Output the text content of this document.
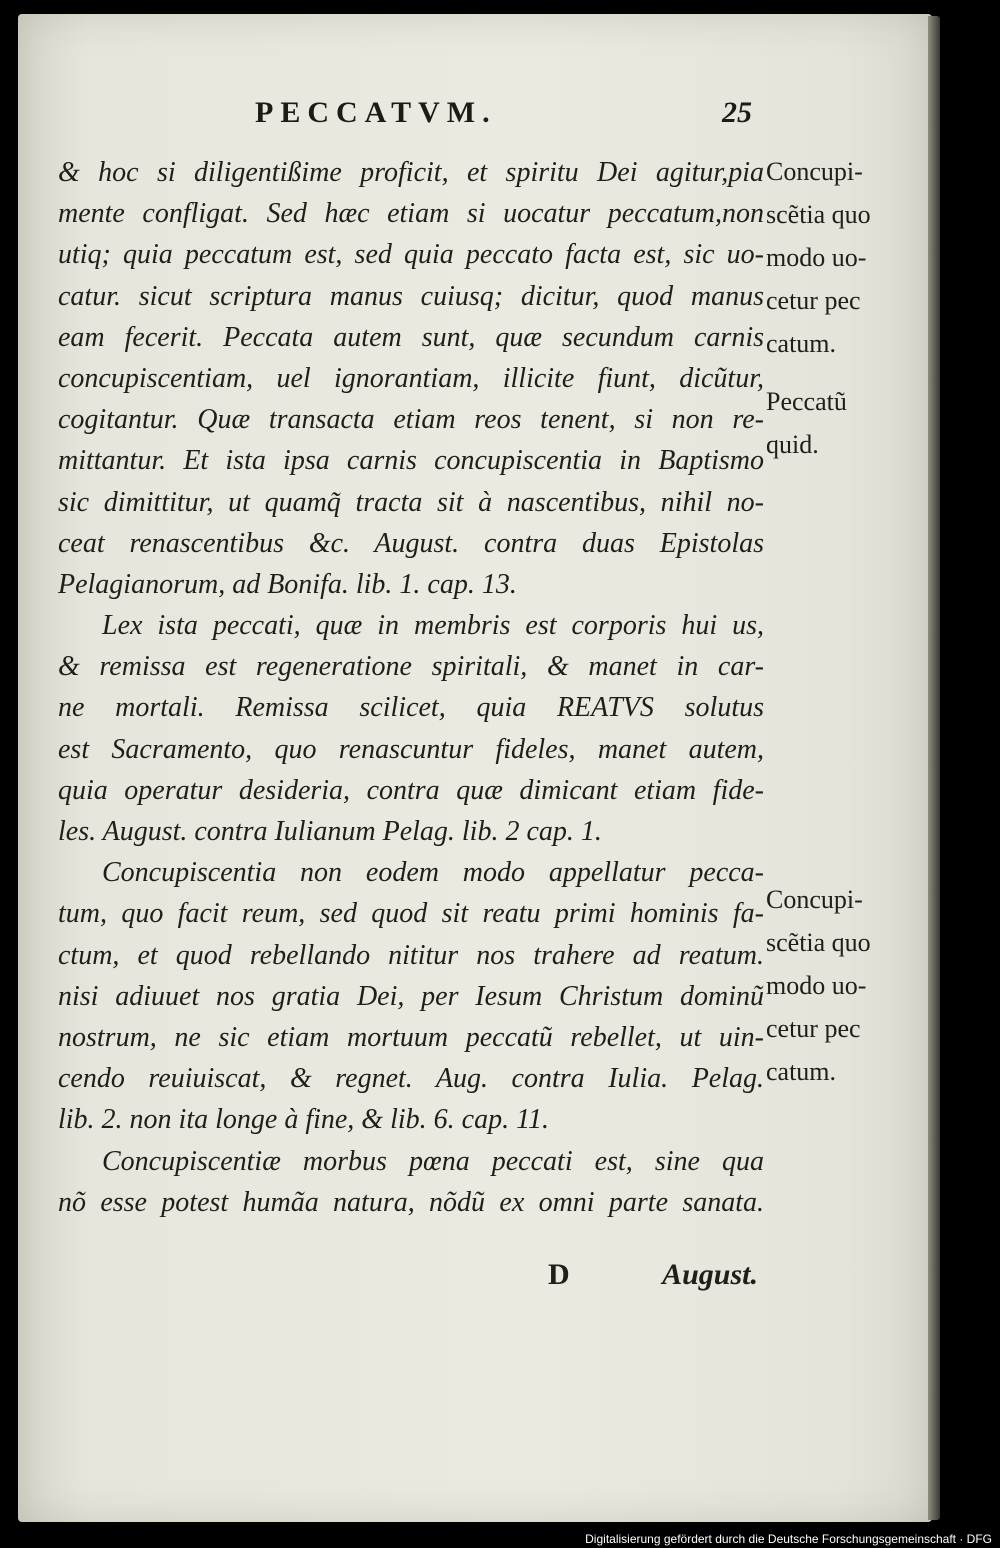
PECCATVM.	25
& hoc si diligentißime proficit, et spiritu Dei agitur,pia
mente confligat. Sed hæc etiam si uocatur peccatum,non
utiq; quia peccatum est, sed quia peccato facta est, sic uo-
catur. sicut scriptura manus cuiusq; dicitur, quod manus
eam fecerit. Peccata autem sunt, quæ secundum carnis
concupiscentiam, uel ignorantiam, illicite fiunt, dicũtur,
cogitantur. Quæ transacta etiam reos tenent, si non re-
mittantur. Et ista ipsa carnis concupiscentia in Baptismo
sic dimittitur, ut quamq̃ tracta sit à nascentibus, nihil no-
ceat renascentibus &c. August. contra duas Epistolas
Pelagianorum, ad Bonifa. lib. 1. cap. 13.
Lex ista peccati, quæ in membris est corporis hui us,
& remissa est regeneratione spiritali, & manet in car-
ne mortali. Remissa scilicet, quia REATVS solutus
est Sacramento, quo renascuntur fideles, manet autem,
quia operatur desideria, contra quæ dimicant etiam fide-
les. August. contra Iulianum Pelag. lib. 2 cap. 1.
Concupiscentia non eodem modo appellatur pecca-
tum, quo facit reum, sed quod sit reatu primi hominis fa-
ctum, et quod rebellando nititur nos trahere ad reatum.
nisi adiuuet nos gratia Dei, per Iesum Christum dominũ
nostrum, ne sic etiam mortuum peccatũ rebellet, ut uin-
cendo reuiuiscat, & regnet. Aug. contra Iulia. Pelag.
lib. 2. non ita longe à fine, & lib. 6. cap. 11.
Concupiscentiæ morbus pœna peccati est, sine qua
nõ esse potest humãa natura, nõdũ ex omni parte sanata.
Concupi-
scẽtia quo
modo uo-
cetur pec
catum.
Peccatũ
quid.
Concupi-
scẽtia quo
modo uo-
cetur pec
catum.
D	August.
Digitalisierung gefördert durch die Deutsche Forschungsgemeinschaft · DFG
